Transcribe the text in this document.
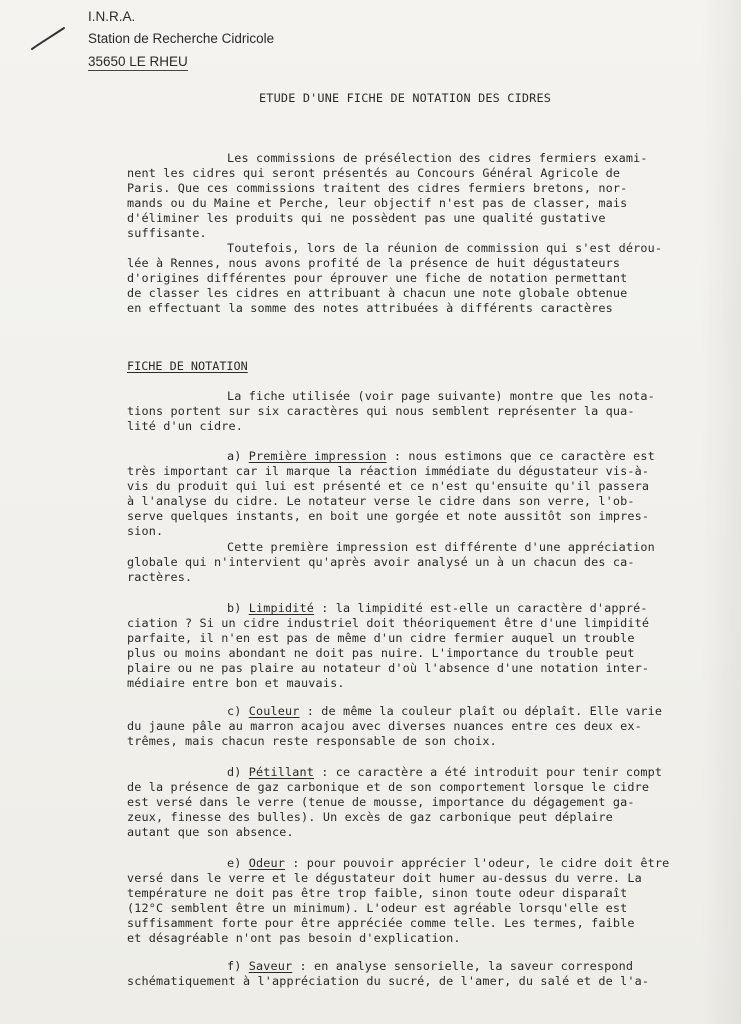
I.N.R.A.
Station de Recherche Cidricole
35650 LE RHEU
ETUDE D'UNE FICHE DE NOTATION DES CIDRES
Les commissions de présélection des cidres fermiers exami-
nent les cidres qui seront présentés au Concours Général Agricole de
Paris. Que ces commissions traitent des cidres fermiers bretons, nor-
mands ou du Maine et Perche, leur objectif n'est pas de classer, mais
d'éliminer les produits qui ne possèdent pas une qualité gustative
suffisante.
Toutefois, lors de la réunion de commission qui s'est dérou-
lée à Rennes, nous avons profité de la présence de huit dégustateurs
d'origines différentes pour éprouver une fiche de notation permettant
de classer les cidres en attribuant à chacun une note globale obtenue
en effectuant la somme des notes attribuées à différents caractères
FICHE DE NOTATION
La fiche utilisée (voir page suivante) montre que les nota-
tions portent sur six caractères qui nous semblent représenter la qua-
lité d'un cidre.
a) Première impression : nous estimons que ce caractère est
très important car il marque la réaction immédiate du dégustateur vis-à-
vis du produit qui lui est présenté et ce n'est qu'ensuite qu'il passera
à l'analyse du cidre. Le notateur verse le cidre dans son verre, l'ob-
serve quelques instants, en boit une gorgée et note aussitôt son impres-
sion.
Cette première impression est différente d'une appréciation
globale qui n'intervient qu'après avoir analysé un à un chacun des ca-
ractères.
b) Limpidité : la limpidité est-elle un caractère d'appré-
ciation ? Si un cidre industriel doit théoriquement être d'une limpidité
parfaite, il n'en est pas de même d'un cidre fermier auquel un trouble
plus ou moins abondant ne doit pas nuire. L'importance du trouble peut
plaire ou ne pas plaire au notateur d'où l'absence d'une notation inter-
médiaire entre bon et mauvais.
c) Couleur : de même la couleur plaît ou déplaît. Elle varie
du jaune pâle au marron acajou avec diverses nuances entre ces deux ex-
trêmes, mais chacun reste responsable de son choix.
d) Pétillant : ce caractère a été introduit pour tenir compt
de la présence de gaz carbonique et de son comportement lorsque le cidre
est versé dans le verre (tenue de mousse, importance du dégagement ga-
zeux, finesse des bulles). Un excès de gaz carbonique peut déplaire
autant que son absence.
e) Odeur : pour pouvoir apprécier l'odeur, le cidre doit être
versé dans le verre et le dégustateur doit humer au-dessus du verre. La
température ne doit pas être trop faible, sinon toute odeur disparaît
(12°C semblent être un minimum). L'odeur est agréable lorsqu'elle est
suffisamment forte pour être appréciée comme telle. Les termes, faible
et désagréable n'ont pas besoin d'explication.
f) Saveur : en analyse sensorielle, la saveur correspond
schématiquement à l'appréciation du sucré, de l'amer, du salé et de l'a-
